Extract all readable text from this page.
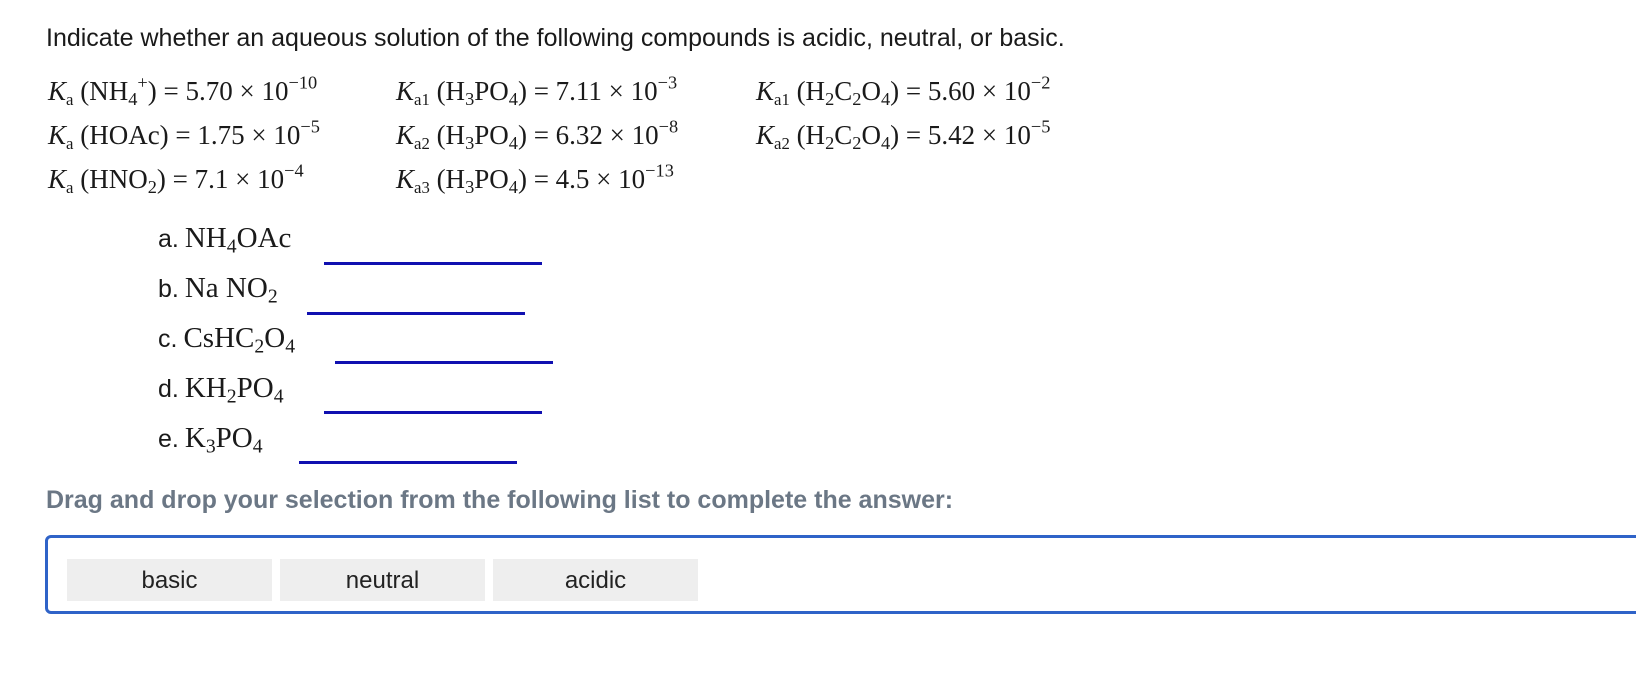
Indicate whether an aqueous solution of the following compounds is acidic, neutral, or basic.
Ka $(NH_4^+) = 5.70 \times 10^{-10}$	Ka1 $(H_3PO_4) = 7.11 \times 10^{-3}$	Ka1 $(H_2C_2O_4) = 5.60 \times 10^{-2}$
Ka (HOAc) = $1.75 \times 10^{-5}$	Ka2 $(H_3PO_4) = 6.32 \times 10^{-8}$	Ka2 $(H_2C_2O_4) = 5.42 \times 10^{-5}$
Ka $(HNO_2) = 7.1 \times 10^{-4}$	Ka3 $(H_3PO_4) = 4.5 \times 10^{-13}$
a. $NH_4OAc$
b. Na $NO_2$
c. $CsHC_2O_4$
d. $KH_2PO_4$
e. $K_3PO_4$
Drag and drop your selection from the following list to complete the answer:
basic	neutral	acidic
